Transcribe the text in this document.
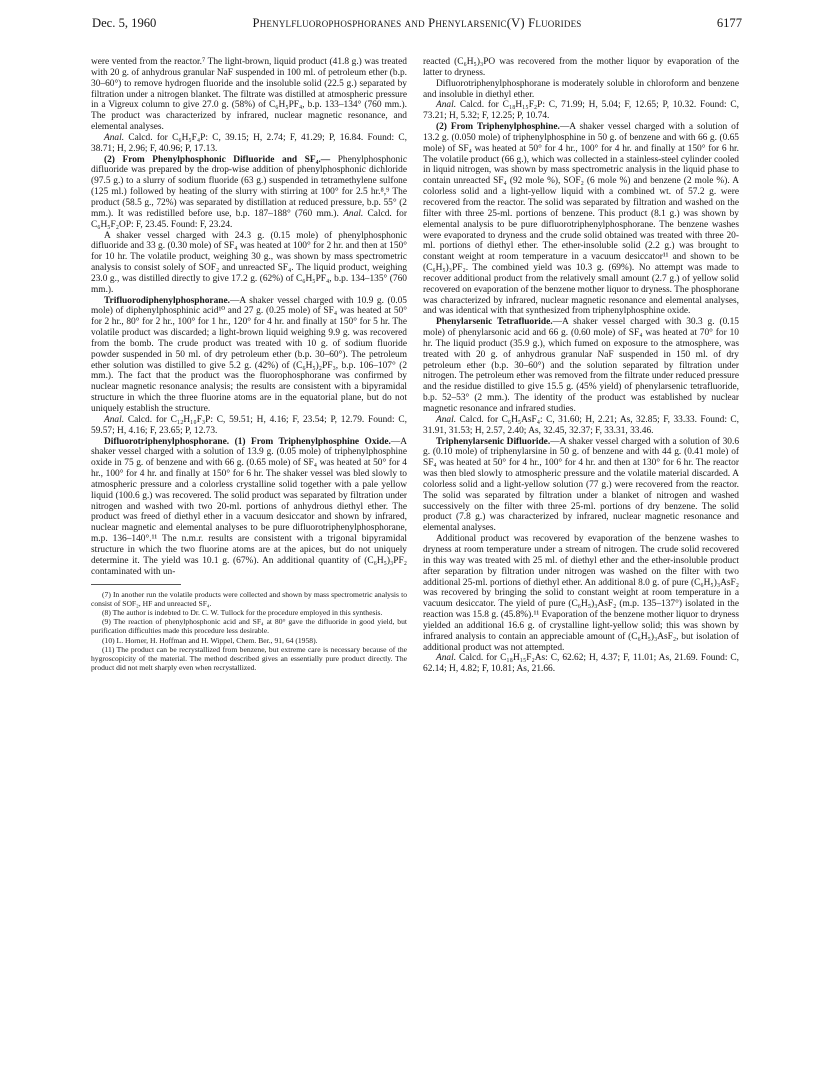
Dec. 5, 1960	Phenylfluorophosphoranes and Phenylarsenic(V) Fluorides	6177

were vented from the reactor.⁷ The light-brown, liquid product (41.8 g.) was treated with 20 g. of anhydrous granular NaF suspended in 100 ml. of petroleum ether (b.p. 30–60°) to remove hydrogen fluoride and the insoluble solid (22.5 g.) separated by filtration under a nitrogen blanket. The filtrate was distilled at atmospheric pressure in a Vigreux column to give 27.0 g. (58%) of C₆H₅PF₄, b.p. 133–134° (760 mm.). The product was characterized by infrared, nuclear magnetic resonance, and elemental analyses.

Anal. Calcd. for C₆H₅F₄P: C, 39.15; H, 2.74; F, 41.29; P, 16.84. Found: C, 38.71; H, 2.96; F, 40.96; P, 17.13.

(2) From Phenylphosphonic Difluoride and SF₄.— Phenylphosphonic difluoride was prepared by the drop-wise addition of phenylphosphonic dichloride (97.5 g.) to a slurry of sodium fluoride (63 g.) suspended in tetramethylene sulfone (125 ml.) followed by heating of the slurry with stirring at 100° for 2.5 hr.⁸,⁹ The product (58.5 g., 72%) was separated by distillation at reduced pressure, b.p. 55° (2 mm.). It was redistilled before use, b.p. 187–188° (760 mm.). Anal. Calcd. for C₆H₅F₂OP: F, 23.45. Found: F, 23.24.

A shaker vessel charged with 24.3 g. (0.15 mole) of phenylphosphonic difluoride and 33 g. (0.30 mole) of SF₄ was heated at 100° for 2 hr. and then at 150° for 10 hr. The volatile product, weighing 30 g., was shown by mass spectrometric analysis to consist solely of SOF₂ and unreacted SF₄. The liquid product, weighing 23.0 g., was distilled directly to give 17.2 g. (62%) of C₆H₅PF₄, b.p. 134–135° (760 mm.).

Trifluorodiphenylphosphorane.—A shaker vessel charged with 10.9 g. (0.05 mole) of diphenylphosphinic acid¹⁰ and 27 g. (0.25 mole) of SF₄ was heated at 50° for 2 hr., 80° for 2 hr., 100° for 1 hr., 120° for 4 hr. and finally at 150° for 5 hr. The volatile product was discarded; a light-brown liquid weighing 9.9 g. was recovered from the bomb. The crude product was treated with 10 g. of sodium fluoride powder suspended in 50 ml. of dry petroleum ether (b.p. 30–60°). The petroleum ether solution was distilled to give 5.2 g. (42%) of (C₆H₅)₂PF₃, b.p. 106–107° (2 mm.). The fact that the product was the fluorophosphorane was confirmed by nuclear magnetic resonance analysis; the results are consistent with a bipyramidal structure in which the three fluorine atoms are in the equatorial plane, but do not uniquely establish the structure.

Anal. Calcd. for C₁₂H₁₀F₃P: C, 59.51; H, 4.16; F, 23.54; P, 12.79. Found: C, 59.57; H, 4.16; F, 23.65; P, 12.73.

Difluorotriphenylphosphorane. (1) From Triphenylphosphine Oxide.—A shaker vessel charged with a solution of 13.9 g. (0.05 mole) of triphenylphosphine oxide in 75 g. of benzene and with 66 g. (0.65 mole) of SF₄ was heated at 50° for 4 hr., 100° for 4 hr. and finally at 150° for 6 hr. The shaker vessel was bled slowly to atmospheric pressure and a colorless crystalline solid together with a pale yellow liquid (100.6 g.) was recovered. The solid product was separated by filtration under nitrogen and washed with two 20-ml. portions of anhydrous diethyl ether. The product was freed of diethyl ether in a vacuum desiccator and shown by infrared, nuclear magnetic and elemental analyses to be pure difluorotriphenylphosphorane, m.p. 136–140°.¹¹ The n.m.r. results are consistent with a trigonal bipyramidal structure in which the two fluorine atoms are at the apices, but do not uniquely determine it. The yield was 10.1 g. (67%). An additional quantity of (C₆H₅)₃PF₂ contaminated with un-

(7) In another run the volatile products were collected and shown by mass spectrometric analysis to consist of SOF₂, HF and unreacted SF₄.

(8) The author is indebted to Dr. C. W. Tullock for the procedure employed in this synthesis.

(9) The reaction of phenylphosphonic acid and SF₄ at 80° gave the difluoride in good yield, but purification difficulties made this procedure less desirable.

(10) L. Horner, H. Hoffman and H. Wippel, Chem. Ber., 91, 64 (1958).

(11) The product can be recrystallized from benzene, but extreme care is necessary because of the hygroscopicity of the material. The method described gives an essentially pure product directly. The product did not melt sharply even when recrystallized.

reacted (C₆H₅)₃PO was recovered from the mother liquor by evaporation of the latter to dryness.

Difluorotriphenylphosphorane is moderately soluble in chloroform and benzene and insoluble in diethyl ether.

Anal. Calcd. for C₁₈H₁₅F₂P: C, 71.99; H, 5.04; F, 12.65; P, 10.32. Found: C, 73.21; H, 5.32; F, 12.25; P, 10.74.

(2) From Triphenylphosphine.—A shaker vessel charged with a solution of 13.2 g. (0.050 mole) of triphenylphosphine in 50 g. of benzene and with 66 g. (0.65 mole) of SF₄ was heated at 50° for 4 hr., 100° for 4 hr. and finally at 150° for 6 hr. The volatile product (66 g.), which was collected in a stainless-steel cylinder cooled in liquid nitrogen, was shown by mass spectrometric analysis in the liquid phase to contain unreacted SF₄ (92 mole %), SOF₂ (6 mole %) and benzene (2 mole %). A colorless solid and a light-yellow liquid with a combined wt. of 57.2 g. were recovered from the reactor. The solid was separated by filtration and washed on the filter with three 25-ml. portions of benzene. This product (8.1 g.) was shown by elemental analysis to be pure difluorotriphenylphosphorane. The benzene washes were evaporated to dryness and the crude solid obtained was treated with three 20-ml. portions of diethyl ether. The ether-insoluble solid (2.2 g.) was brought to constant weight at room temperature in a vacuum desiccator¹¹ and shown to be (C₆H₅)₃PF₂. The combined yield was 10.3 g. (69%). No attempt was made to recover additional product from the relatively small amount (2.7 g.) of yellow solid recovered on evaporation of the benzene mother liquor to dryness. The phosphorane was characterized by infrared, nuclear magnetic resonance and elemental analyses, and was identical with that synthesized from triphenylphosphine oxide.

Phenylarsenic Tetrafluoride.—A shaker vessel charged with 30.3 g. (0.15 mole) of phenylarsonic acid and 66 g. (0.60 mole) of SF₄ was heated at 70° for 10 hr. The liquid product (35.9 g.), which fumed on exposure to the atmosphere, was treated with 20 g. of anhydrous granular NaF suspended in 150 ml. of dry petroleum ether (b.p. 30–60°) and the solution separated by filtration under nitrogen. The petroleum ether was removed from the filtrate under reduced pressure and the residue distilled to give 15.5 g. (45% yield) of phenylarsenic tetrafluoride, b.p. 52–53° (2 mm.). The identity of the product was established by nuclear magnetic resonance and infrared studies.

Anal. Calcd. for C₆H₅AsF₄: C, 31.60; H, 2.21; As, 32.85; F, 33.33. Found: C, 31.91, 31.53; H, 2.57, 2.40; As, 32.45, 32.37; F, 33.31, 33.46.

Triphenylarsenic Difluoride.—A shaker vessel charged with a solution of 30.6 g. (0.10 mole) of triphenylarsine in 50 g. of benzene and with 44 g. (0.41 mole) of SF₄ was heated at 50° for 4 hr., 100° for 4 hr. and then at 130° for 6 hr. The reactor was then bled slowly to atmospheric pressure and the volatile material discarded. A colorless solid and a light-yellow solution (77 g.) were recovered from the reactor. The solid was separated by filtration under a blanket of nitrogen and washed successively on the filter with three 25-ml. portions of dry benzene. The solid product (7.8 g.) was characterized by infrared, nuclear magnetic resonance and elemental analyses.

Additional product was recovered by evaporation of the benzene washes to dryness at room temperature under a stream of nitrogen. The crude solid recovered in this way was treated with 25 ml. of diethyl ether and the ether-insoluble product after separation by filtration under nitrogen was washed on the filter with two additional 25-ml. portions of diethyl ether. An additional 8.0 g. of pure (C₆H₅)₃AsF₂ was recovered by bringing the solid to constant weight at room temperature in a vacuum desiccator. The yield of pure (C₆H₅)₃AsF₂ (m.p. 135–137°) isolated in the reaction was 15.8 g. (45.8%).¹¹ Evaporation of the benzene mother liquor to dryness yielded an additional 16.6 g. of crystalline light-yellow solid; this was shown by infrared analysis to contain an appreciable amount of (C₆H₅)₃AsF₂, but isolation of additional product was not attempted.

Anal. Calcd. for C₁₈H₁₅F₂As: C, 62.62; H, 4.37; F, 11.01; As, 21.69. Found: C, 62.14; H, 4.82; F, 10.81; As, 21.66.
